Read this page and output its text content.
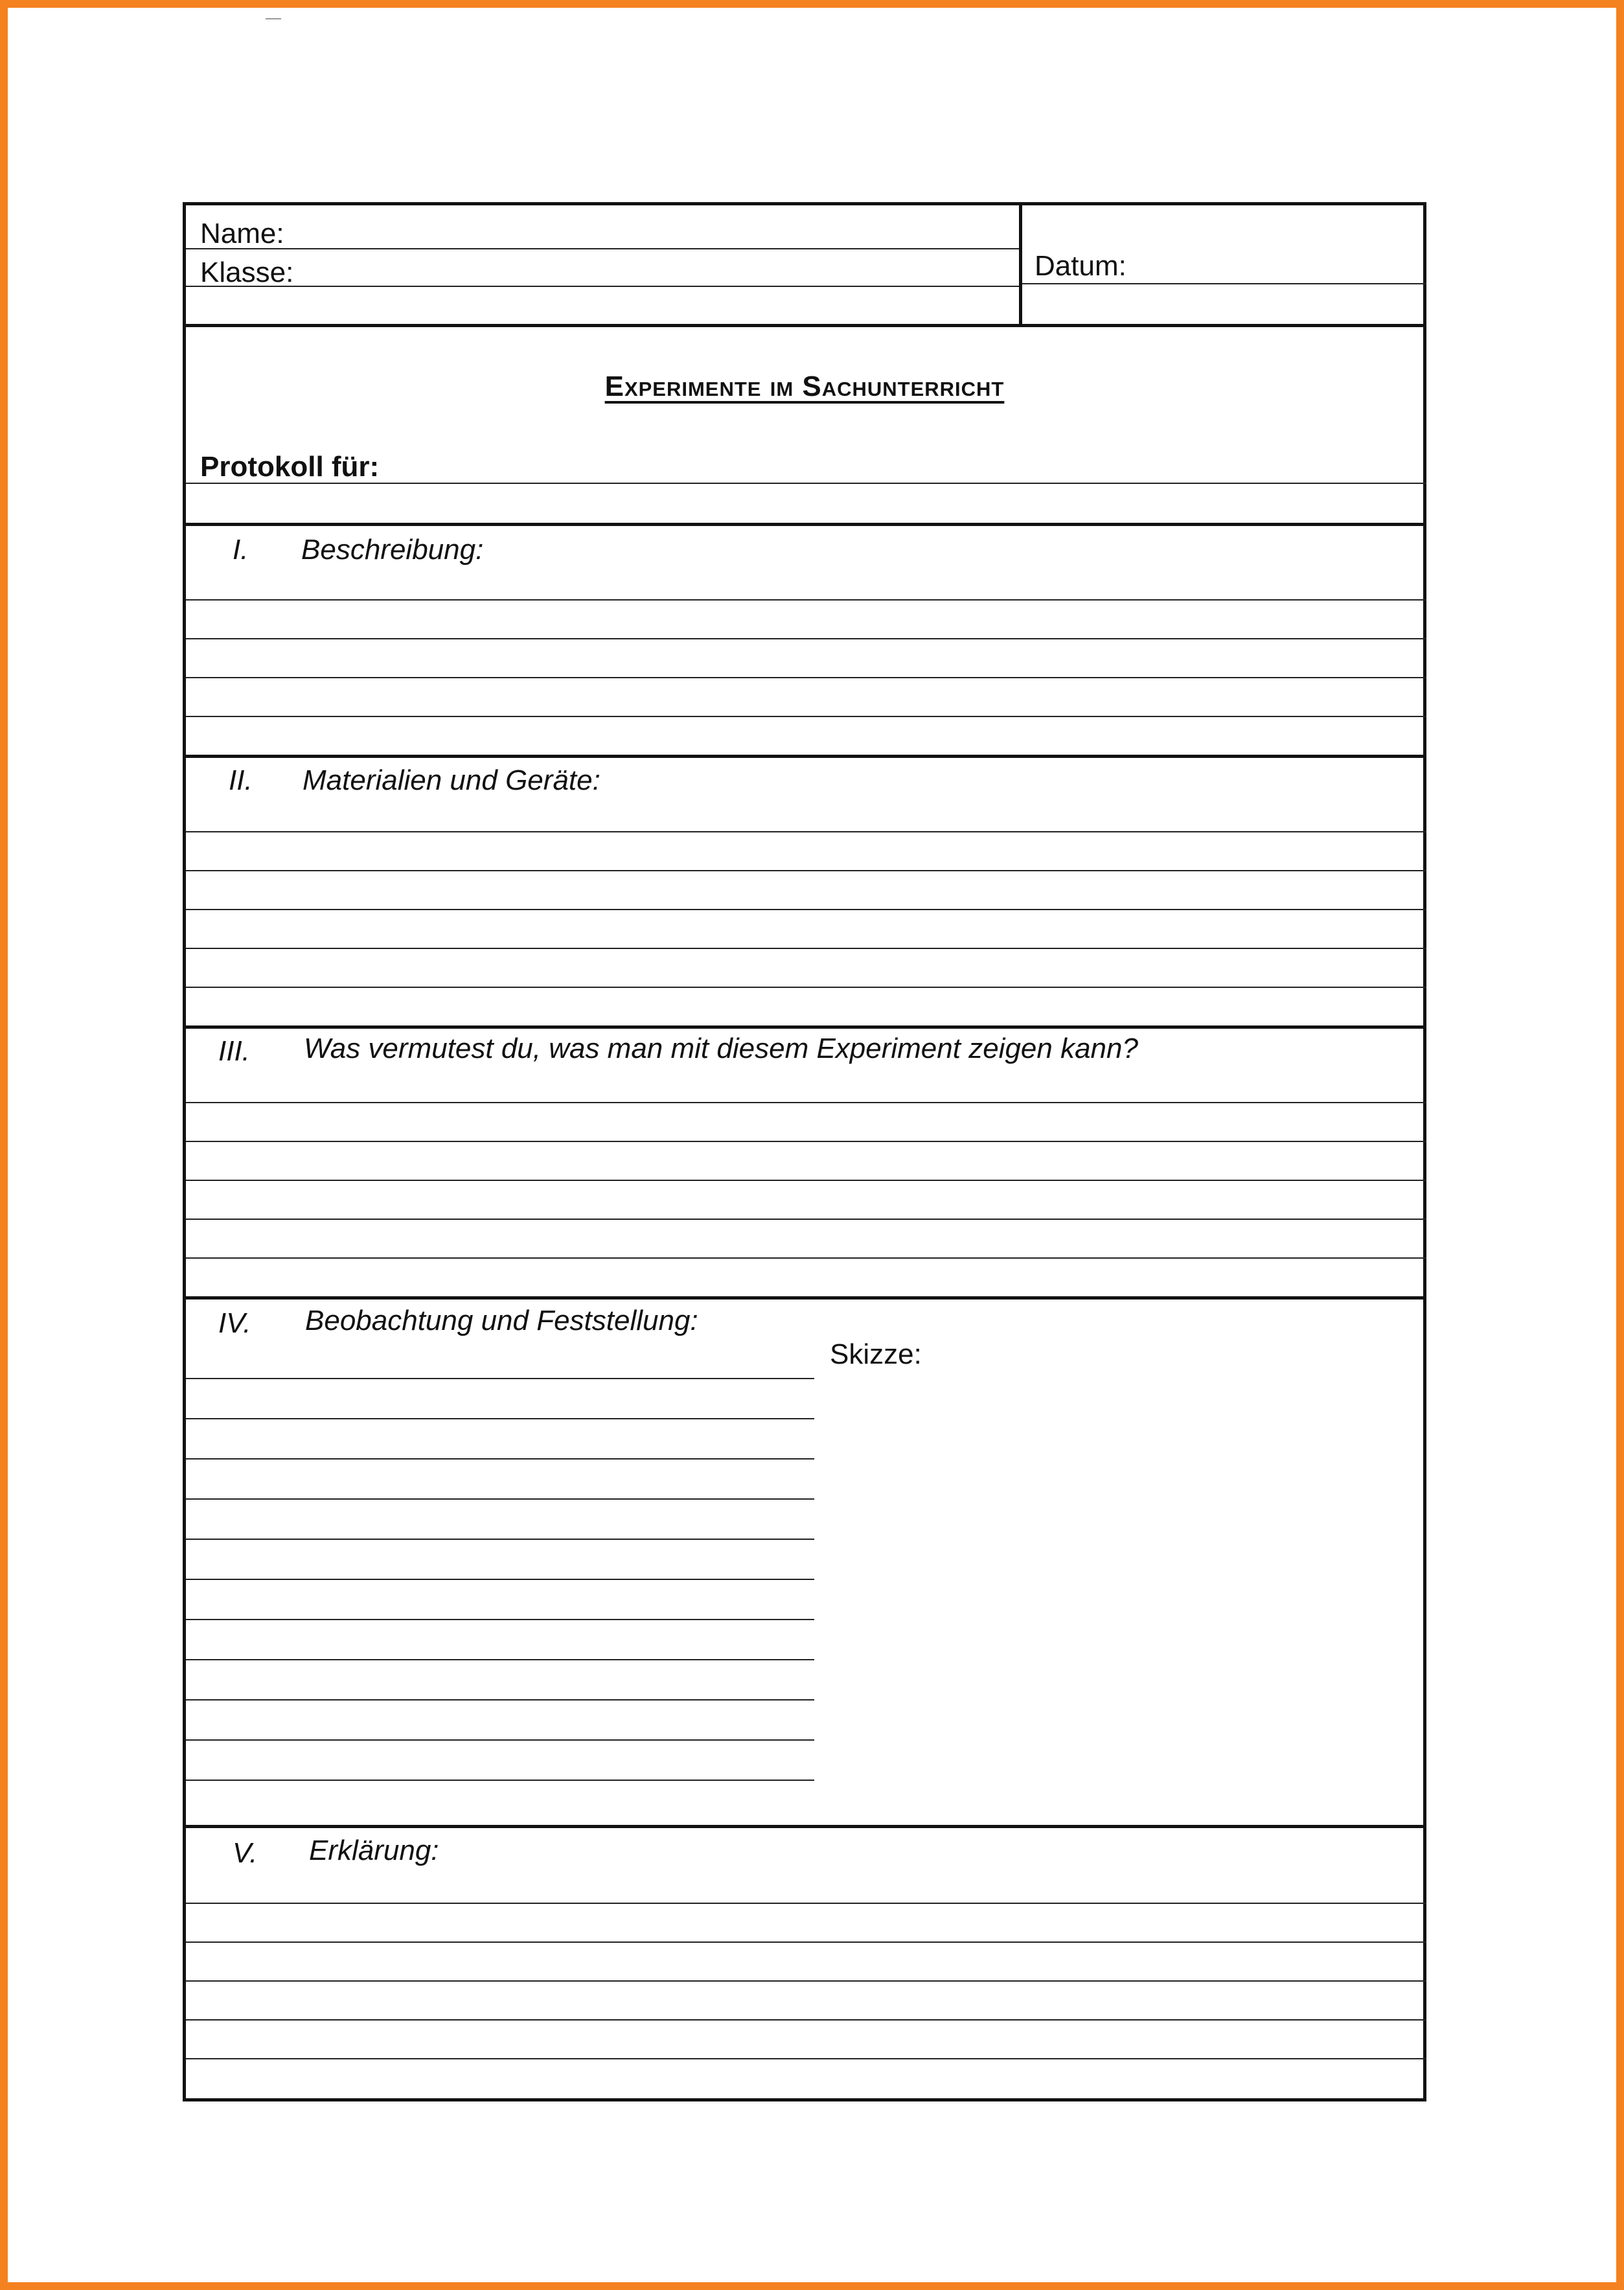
Name:
Klasse:	Datum:
Experimente im Sachunterricht
Protokoll für:
I. Beschreibung:
II. Materialien und Geräte:
III. Was vermutest du, was man mit diesem Experiment zeigen kann?
IV. Beobachtung und Feststellung:
Skizze:
V. Erklärung:
